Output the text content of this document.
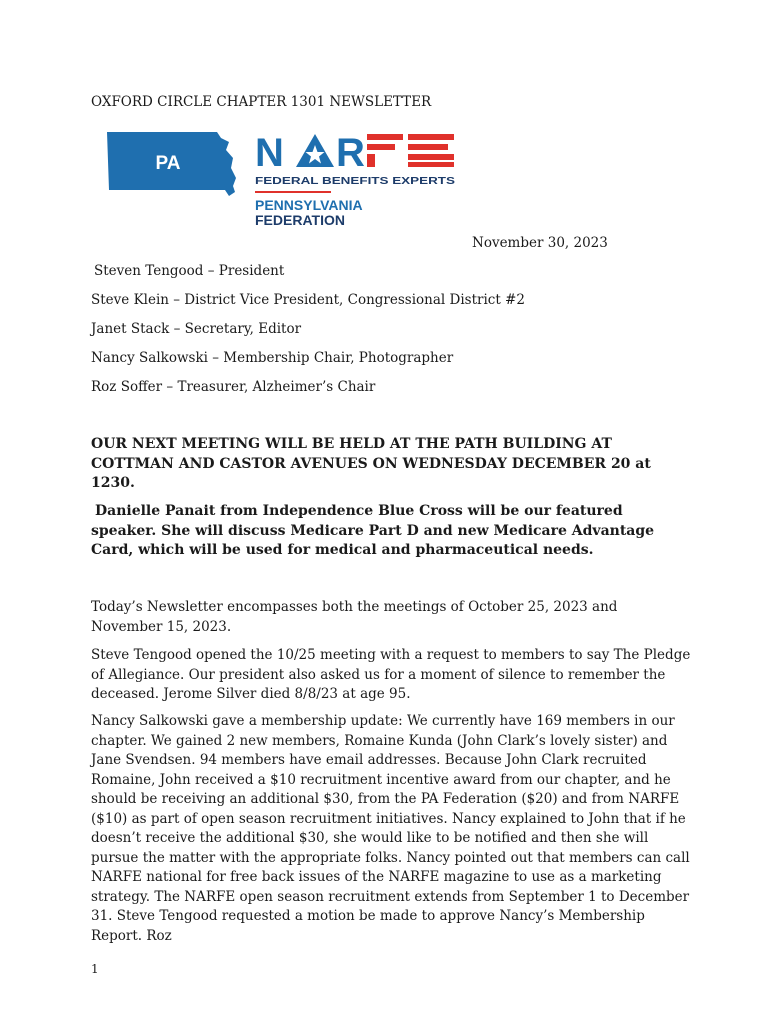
OXFORD CIRCLE CHAPTER 1301 NEWSLETTER
PA N R
FEDERAL BENEFITS EXPERTS
PENNSYLVANIA
FEDERATION
November 30, 2023
Steven Tengood – President
Steve Klein – District Vice President, Congressional District #2
Janet Stack – Secretary, Editor
Nancy Salkowski – Membership Chair, Photographer
Roz Soffer – Treasurer, Alzheimer’s Chair
OUR NEXT MEETING WILL BE HELD AT THE PATH BUILDING AT COTTMAN AND CASTOR AVENUES ON WEDNESDAY DECEMBER 20 at 1230.
Danielle Panait from Independence Blue Cross will be our featured speaker. She will discuss Medicare Part D and new Medicare Advantage Card, which will be used for medical and pharmaceutical needs.
Today’s Newsletter encompasses both the meetings of October 25, 2023 and November 15, 2023.
Steve Tengood opened the 10/25 meeting with a request to members to say The Pledge of Allegiance. Our president also asked us for a moment of silence to remember the deceased. Jerome Silver died 8/8/23 at age 95.
Nancy Salkowski gave a membership update: We currently have 169 members in our chapter. We gained 2 new members, Romaine Kunda (John Clark’s lovely sister) and Jane Svendsen. 94 members have email addresses. Because John Clark recruited Romaine, John received a $10 recruitment incentive award from our chapter, and he should be receiving an additional $30, from the PA Federation ($20) and from NARFE ($10) as part of open season recruitment initiatives. Nancy explained to John that if he doesn’t receive the additional $30, she would like to be notified and then she will pursue the matter with the appropriate folks. Nancy pointed out that members can call NARFE national for free back issues of the NARFE magazine to use as a marketing strategy. The NARFE open season recruitment extends from September 1 to December 31. Steve Tengood requested a motion be made to approve Nancy’s Membership Report. Roz
1
